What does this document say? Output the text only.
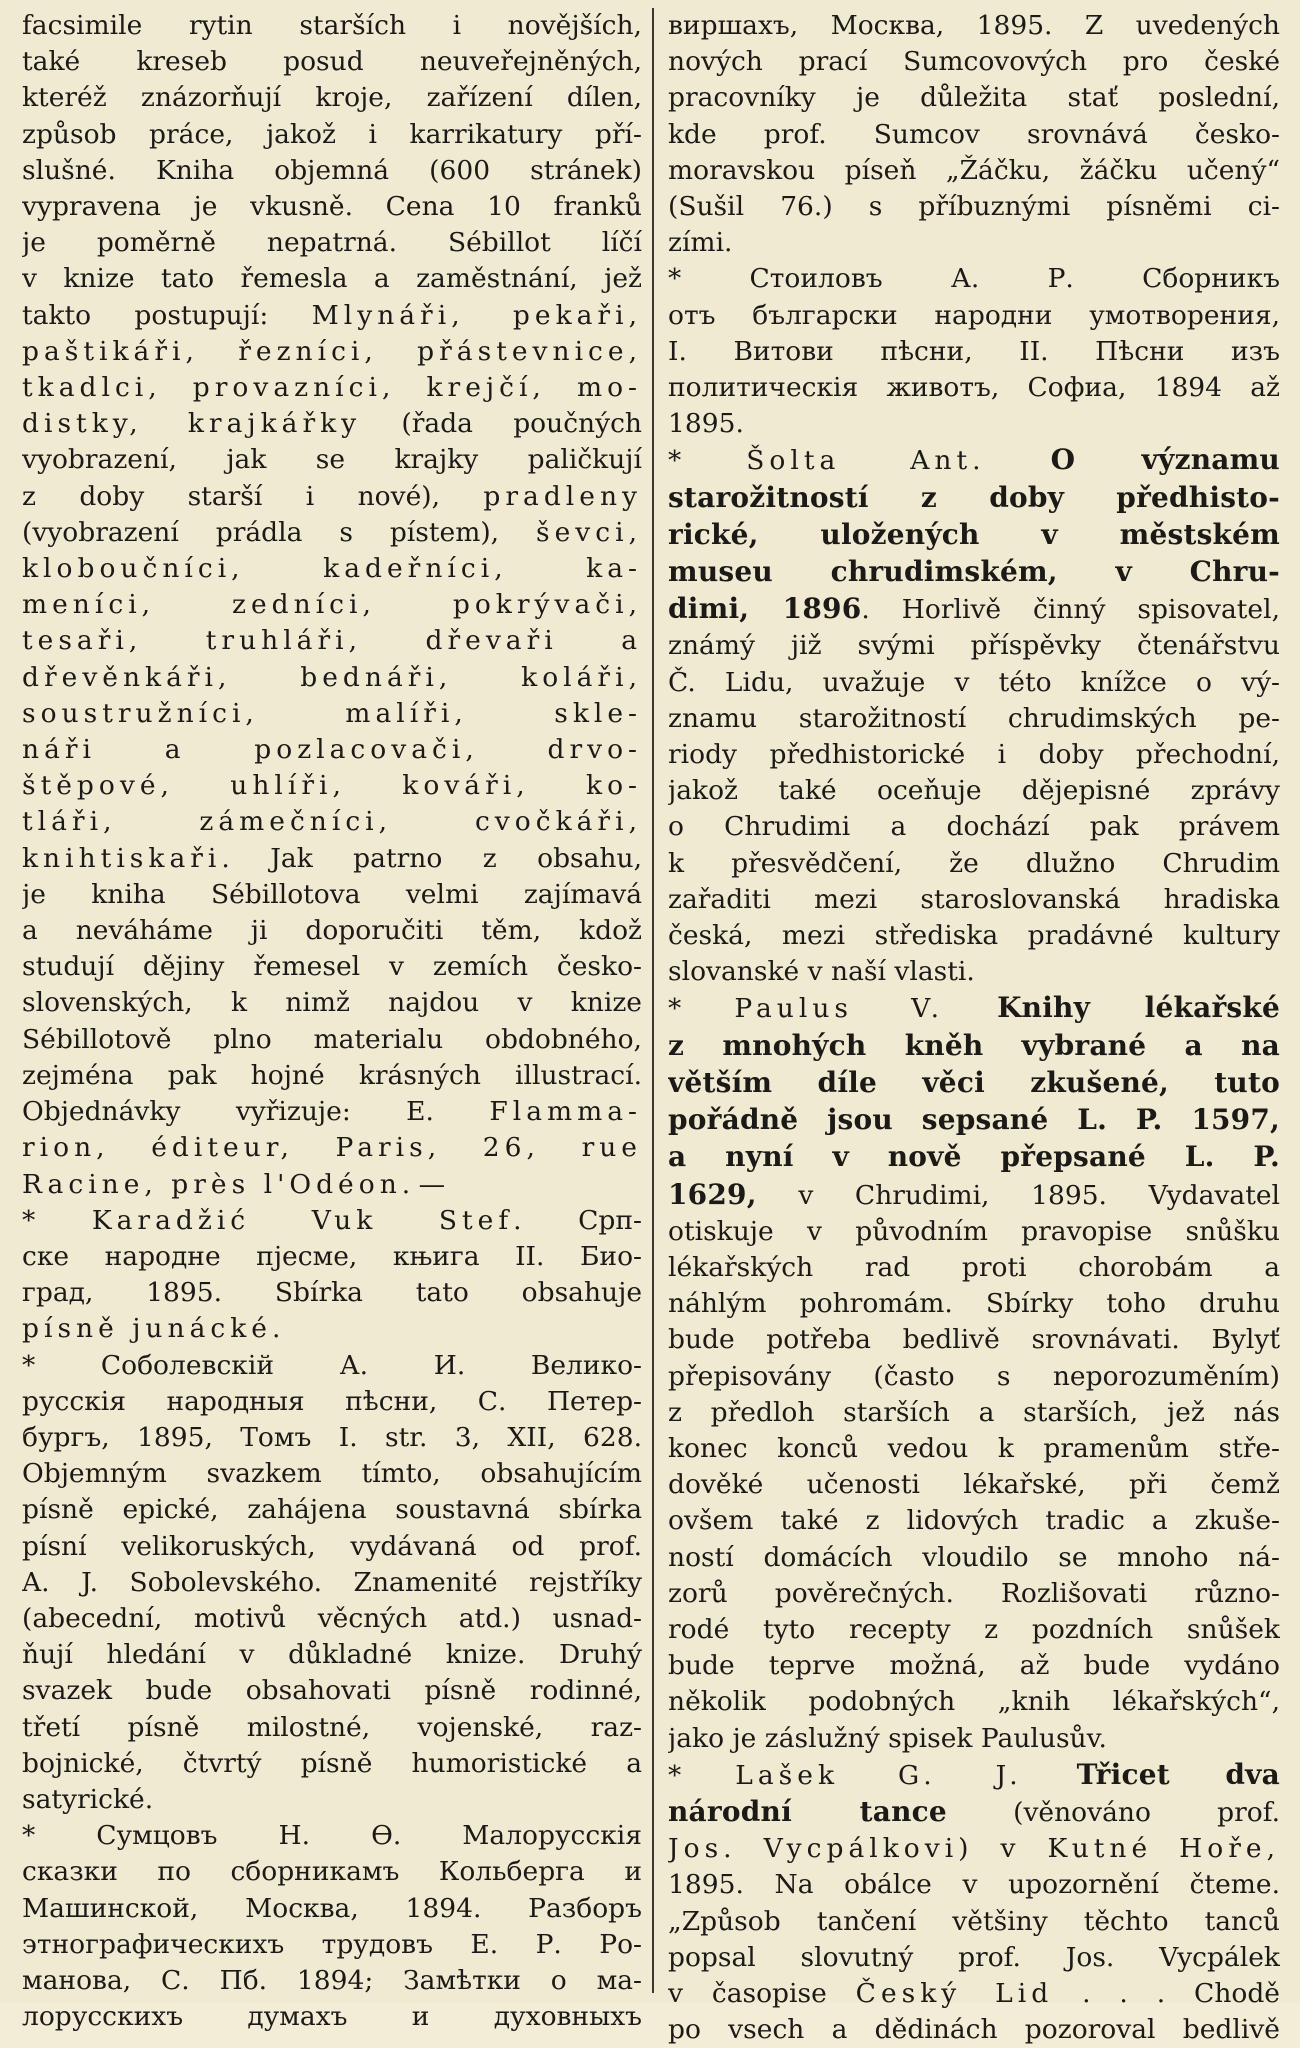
facsimile rytin starších i novějších,
také kreseb posud neuveřejněných,
kteréž znázorňují kroje, zařízení dílen,
způsob práce, jakož i karrikatury pří-
slušné. Kniha objemná (600 stránek)
vypravena je vkusně. Cena 10 franků
je poměrně nepatrná. Sébillot líčí
v knize tato řemesla a zaměstnání, jež
takto postupují: Mlynáři, pekaři,
paštikáři, řezníci, přástevnice,
tkadlci, provazníci, krejčí, mo-
distky, krajkářky (řada poučných
vyobrazení, jak se krajky paličkují
z doby starší i nové), pradleny
(vyobrazení prádla s pístem), ševci,
kloboučníci, kadeřníci, ka-
meníci, zedníci, pokrývači,
tesaři, truhláři, dřevaři a
dřevěnkáři, bednáři, koláři,
soustružníci, malíři, skle-
náři a pozlacovači, drvo-
štěpové, uhlíři, kováři, ko-
tláři, zámečníci, cvočkáři,
knihtiskaři. Jak patrno z obsahu,
je kniha Sébillotova velmi zajímavá
a neváháme ji doporučiti těm, kdož
studují dějiny řemesel v zemích česko-
slovenských, k nimž najdou v knize
Sébillotově plno materialu obdobného,
zejména pak hojné krásných illustrací.
Objednávky vyřizuje: E. Flamma-
rion, éditeur, Paris, 26, rue
Racine, près l'Odéon. —
* Karadžić Vuk Stef. Срп-
ске народне пјесме, књига II. Био-
град, 1895. Sbírka tato obsahuje
písně junácké.
* Соболевскій А. И. Велико-
русскія народныя пѣсни, С. Петер-
бургъ, 1895, Томъ I. str. 3, XII, 628.
Objemným svazkem tímto, obsahujícím
písně epické, zahájena soustavná sbírka
písní velikoruských, vydávaná od prof.
A. J. Sobolevského. Znamenité rejstříky
(abecední, motivů věcných atd.) usnad-
ňují hledání v důkladné knize. Druhý
svazek bude obsahovati písně rodinné,
třetí písně milostné, vojenské, raz-
bojnické, čtvrtý písně humoristické a
satyrické.
* Сумцовъ Н. Ѳ. Малорусскія
сказки по сборникамъ Кольберга и
Машинской, Москва, 1894. Разборъ
этнографическихъ трудовъ Е. Р. Ро-
манова, С. Пб. 1894; Замѣтки о ма-
лорусскихъ думахъ и духовныхъ
виршахъ, Москва, 1895. Z uvedených
nových prací Sumcovových pro české
pracovníky je důležita stať poslední,
kde prof. Sumcov srovnává česko-
moravskou píseň „Žáčku, žáčku učený“
(Sušil 76.) s příbuznými písněmi ci-
zími.
* Стоиловъ А. Р. Сборникъ
отъ български народни умотворения,
I. Витови пѣсни, II. Пѣсни изъ
политическія животъ, Софиа, 1894 až
1895.
* Šolta Ant. O významu
starožitností z doby předhisto-
rické, uložených v městském
museu chrudimském, v Chru-
dimi, 1896. Horlivě činný spisovatel,
známý již svými příspěvky čtenářstvu
Č. Lidu, uvažuje v této knížce o vý-
znamu starožitností chrudimských pe-
riody předhistorické i doby přechodní,
jakož také oceňuje dějepisné zprávy
o Chrudimi a dochází pak právem
k přesvědčení, že dlužno Chrudim
zařaditi mezi staroslovanská hradiska
česká, mezi střediska pradávné kultury
slovanské v naší vlasti.
* Paulus V. Knihy lékařské
z mnohých kněh vybrané a na
větším díle věci zkušené, tuto
pořádně jsou sepsané L. P. 1597,
a nyní v nově přepsané L. P.
1629, v Chrudimi, 1895. Vydavatel
otiskuje v původním pravopise snůšku
lékařských rad proti chorobám a
náhlým pohromám. Sbírky toho druhu
bude potřeba bedlivě srovnávati. Bylyť
přepisovány (často s neporozuměním)
z předloh starších a starších, jež nás
konec konců vedou k pramenům stře-
dověké učenosti lékařské, při čemž
ovšem také z lidových tradic a zkuše-
ností domácích vloudilo se mnoho ná-
zorů pověrečných. Rozlišovati různo-
rodé tyto recepty z pozdních snůšek
bude teprve možná, až bude vydáno
několik podobných „knih lékařských“,
jako je záslužný spisek Paulusův.
* Lašek G. J. Třicet dva
národní tance (věnováno prof.
Jos. Vycpálkovi) v Kutné Hoře,
1895. Na obálce v upozornění čteme.
„Způsob tančení většiny těchto tanců
popsal slovutný prof. Jos. Vycpálek
v časopise Český Lid . . . Chodě
po vsech a dědinách pozoroval bedlivě
